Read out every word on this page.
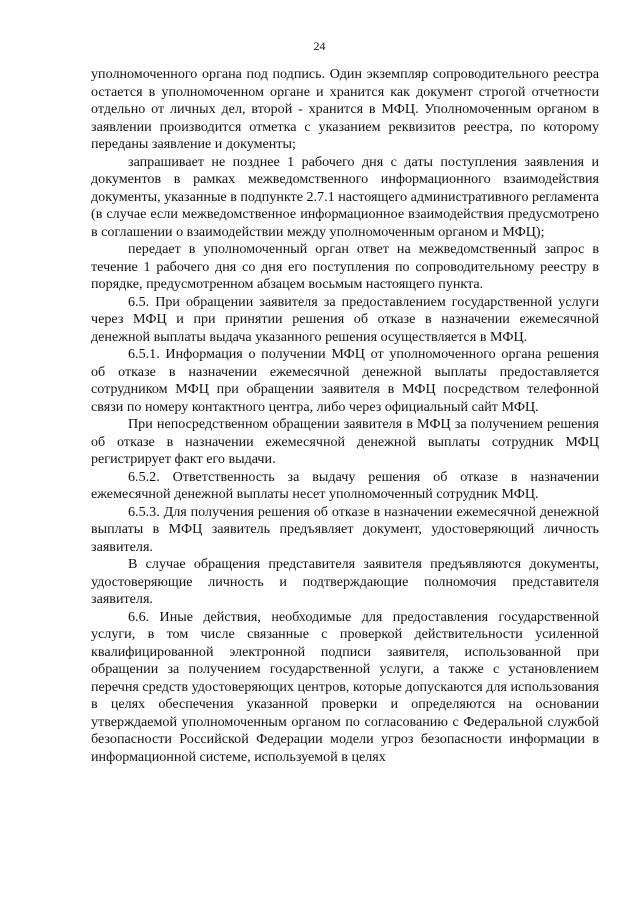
24

уполномоченного органа под подпись. Один экземпляр сопроводительного реестра остается в уполномоченном органе и хранится как документ строгой отчетности отдельно от личных дел, второй - хранится в МФЦ. Уполномоченным органом в заявлении производится отметка с указанием реквизитов реестра, по которому переданы заявление и документы;

запрашивает не позднее 1 рабочего дня с даты поступления заявления и документов в рамках межведомственного информационного взаимодействия документы, указанные в подпункте 2.7.1 настоящего административного регламента (в случае если межведомственное информационное взаимодействия предусмотрено в соглашении о взаимодействии между уполномоченным органом и МФЦ);

передает в уполномоченный орган ответ на межведомственный запрос в течение 1 рабочего дня со дня его поступления по сопроводительному реестру в порядке, предусмотренном абзацем восьмым настоящего пункта.

6.5. При обращении заявителя за предоставлением государственной услуги через МФЦ и при принятии решения об отказе в назначении ежемесячной денежной выплаты выдача указанного решения осуществляется в МФЦ.

6.5.1. Информация о получении МФЦ от уполномоченного органа решения об отказе в назначении ежемесячной денежной выплаты предоставляется сотрудником МФЦ при обращении заявителя в МФЦ посредством телефонной связи по номеру контактного центра, либо через официальный сайт МФЦ.

При непосредственном обращении заявителя в МФЦ за получением решения об отказе в назначении ежемесячной денежной выплаты сотрудник МФЦ регистрирует факт его выдачи.

6.5.2. Ответственность за выдачу решения об отказе в назначении ежемесячной денежной выплаты несет уполномоченный сотрудник МФЦ.

6.5.3. Для получения решения об отказе в назначении ежемесячной денежной выплаты в МФЦ заявитель предъявляет документ, удостоверяющий личность заявителя.

В случае обращения представителя заявителя предъявляются документы, удостоверяющие личность и подтверждающие полномочия представителя заявителя.

6.6. Иные действия, необходимые для предоставления государственной услуги, в том числе связанные с проверкой действительности усиленной квалифицированной электронной подписи заявителя, использованной при обращении за получением государственной услуги, а также с установлением перечня средств удостоверяющих центров, которые допускаются для использования в целях обеспечения указанной проверки и определяются на основании утверждаемой уполномоченным органом по согласованию с Федеральной службой безопасности Российской Федерации модели угроз безопасности информации в информационной системе, используемой в целях
